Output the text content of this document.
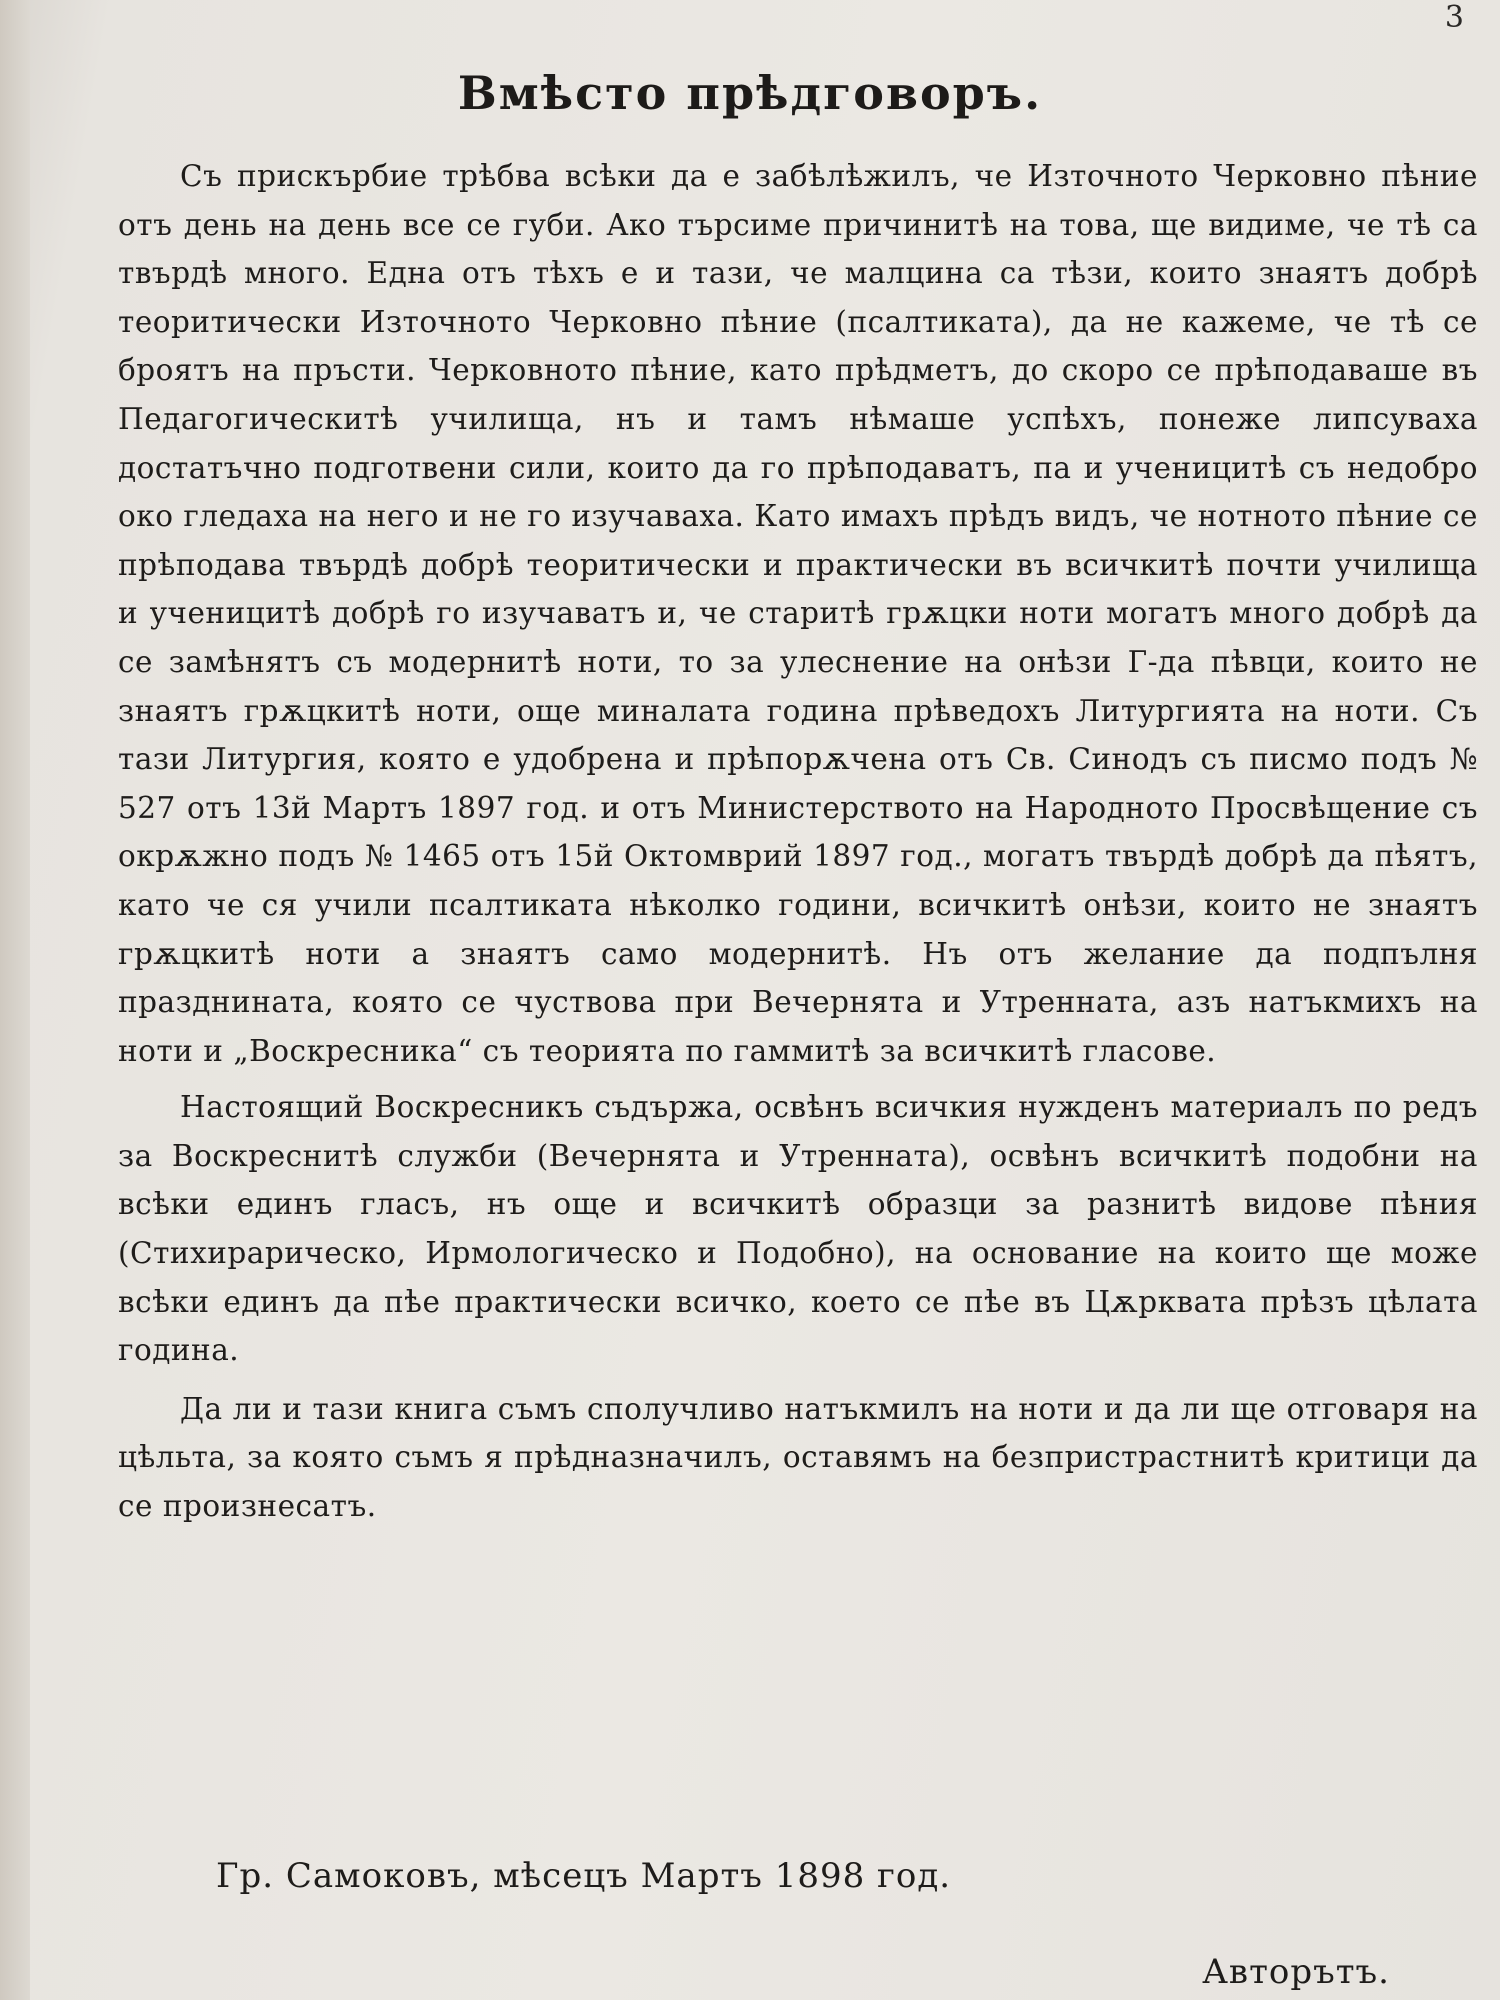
3
Вмѣсто прѣдговоръ.

Съ прискърбие трѣбва всѣки да е забѣлѣжилъ, че Източното Черковно пѣние отъ день на день все се губи. Ако търсиме причинитѣ на това, ще видиме, че тѣ са твърдѣ много. Една отъ тѣхъ е и тази, че малцина са тѣзи, които знаятъ добрѣ теоритически Източното Черковно пѣние (псалтиката), да не кажеме, че тѣ се броятъ на пръсти. Черковното пѣние, като прѣдметъ, до скоро се прѣподаваше въ Педагогическитѣ училища, нъ и тамъ нѣмаше успѣхъ, понеже липсуваха достатъчно подготвени сили, които да го прѣподаватъ, па и ученицитѣ съ недобро око гледаха на него и не го изучаваха. Като имахъ прѣдъ видъ, че нотното пѣние се прѣподава твърдѣ добрѣ теоритически и практически въ всичкитѣ почти училища и ученицитѣ добрѣ го изучаватъ и, че старитѣ грѫцки ноти могатъ много добрѣ да се замѣнятъ съ модернитѣ ноти, то за улеснение на онѣзи Г-да пѣвци, които не знаятъ грѫцкитѣ ноти, още миналата година прѣведохъ Литургията на ноти. Съ тази Литургия, която е удобрена и прѣпорѫчена отъ Св. Синодъ съ писмо подъ № 527 отъ 13й Мартъ 1897 год. и отъ Министерството на Народното Просвѣщение съ окрѫжно подъ № 1465 отъ 15й Октомврий 1897 год., могатъ твърдѣ добрѣ да пѣятъ, като че ся учили псалтиката нѣколко години, всичкитѣ онѣзи, които не знаятъ грѫцкитѣ ноти а знаятъ само модернитѣ. Нъ отъ желание да подпълня празднината, която се чуствова при Вечернята и Утренната, азъ натъкмихъ на ноти и „Воскресника“ съ теорията по гаммитѣ за всичкитѣ гласове.

Настоящий Воскресникъ съдържа, освѣнъ всичкия нужденъ материалъ по редъ за Воскреснитѣ служби (Вечернята и Утренната), освѣнъ всичкитѣ подобни на всѣки единъ гласъ, нъ още и всичкитѣ образци за разнитѣ видове пѣния (Стихирарическо, Ирмологическо и Подобно), на основание на които ще може всѣки единъ да пѣе практически всичко, което се пѣе въ Цѫрквата прѣзъ цѣлата година.

Да ли и тази книга съмъ сполучливо натъкмилъ на ноти и да ли ще отговаря на цѣльта, за която съмъ я прѣдназначилъ, оставямъ на безпристрастнитѣ критици да се произнесатъ.

Гр. Самоковъ, мѣсецъ Мартъ 1898 год.
Авторътъ.
